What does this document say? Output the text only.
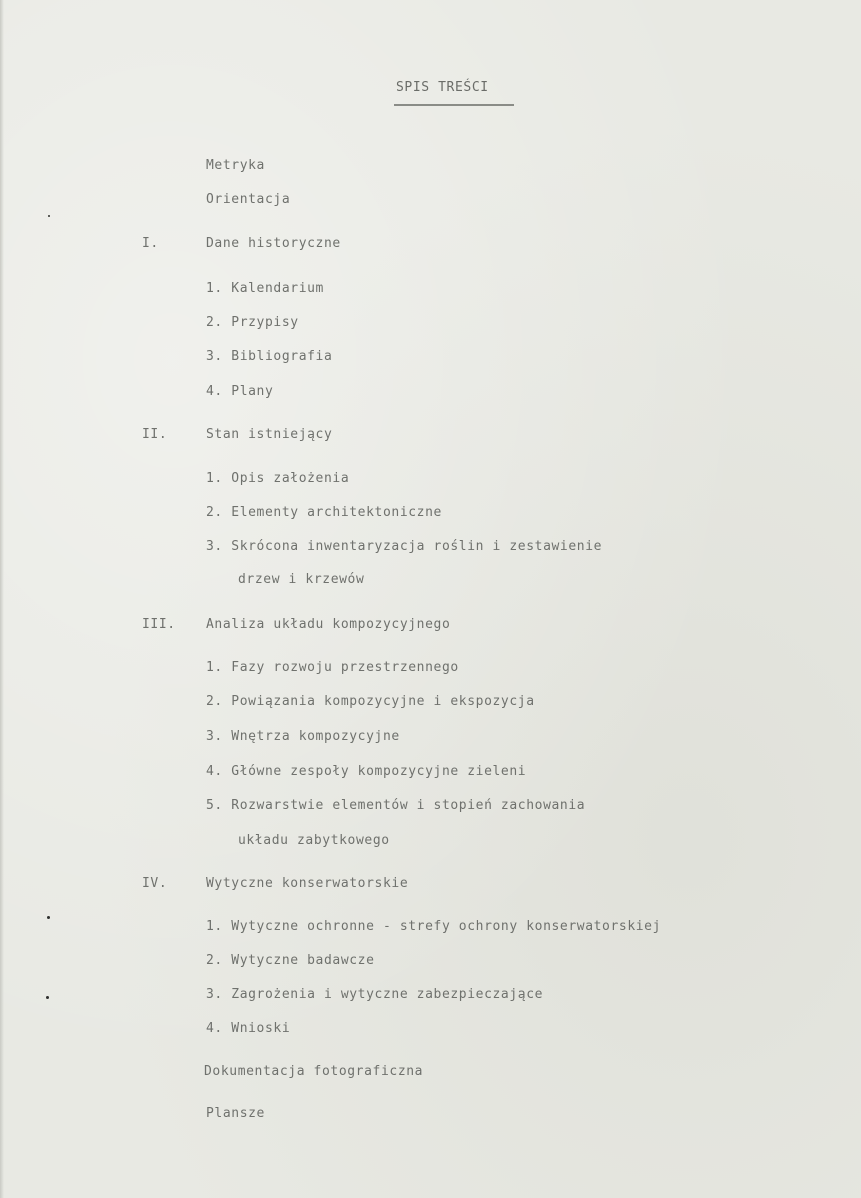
SPIS TREŚCI
Metryka
Orientacja
I.	Dane historyczne
1. Kalendarium
2. Przypisy
3. Bibliografia
4. Plany
II.	Stan istniejący
1. Opis założenia
2. Elementy architektoniczne
3. Skrócona inwentaryzacja roślin i zestawienie
drzew i krzewów
III. Analiza układu kompozycyjnego
1. Fazy rozwoju przestrzennego
2. Powiązania kompozycyjne i ekspozycja
3. Wnętrza kompozycyjne
4. Główne zespoły kompozycyjne zieleni
5. Rozwarstwie elementów i stopień zachowania
układu zabytkowego
IV.	Wytyczne konserwatorskie
1. Wytyczne ochronne - strefy ochrony konserwatorskiej
2. Wytyczne badawcze
3. Zagrożenia i wytyczne zabezpieczające
4. Wnioski
Dokumentacja fotograficzna
Plansze
